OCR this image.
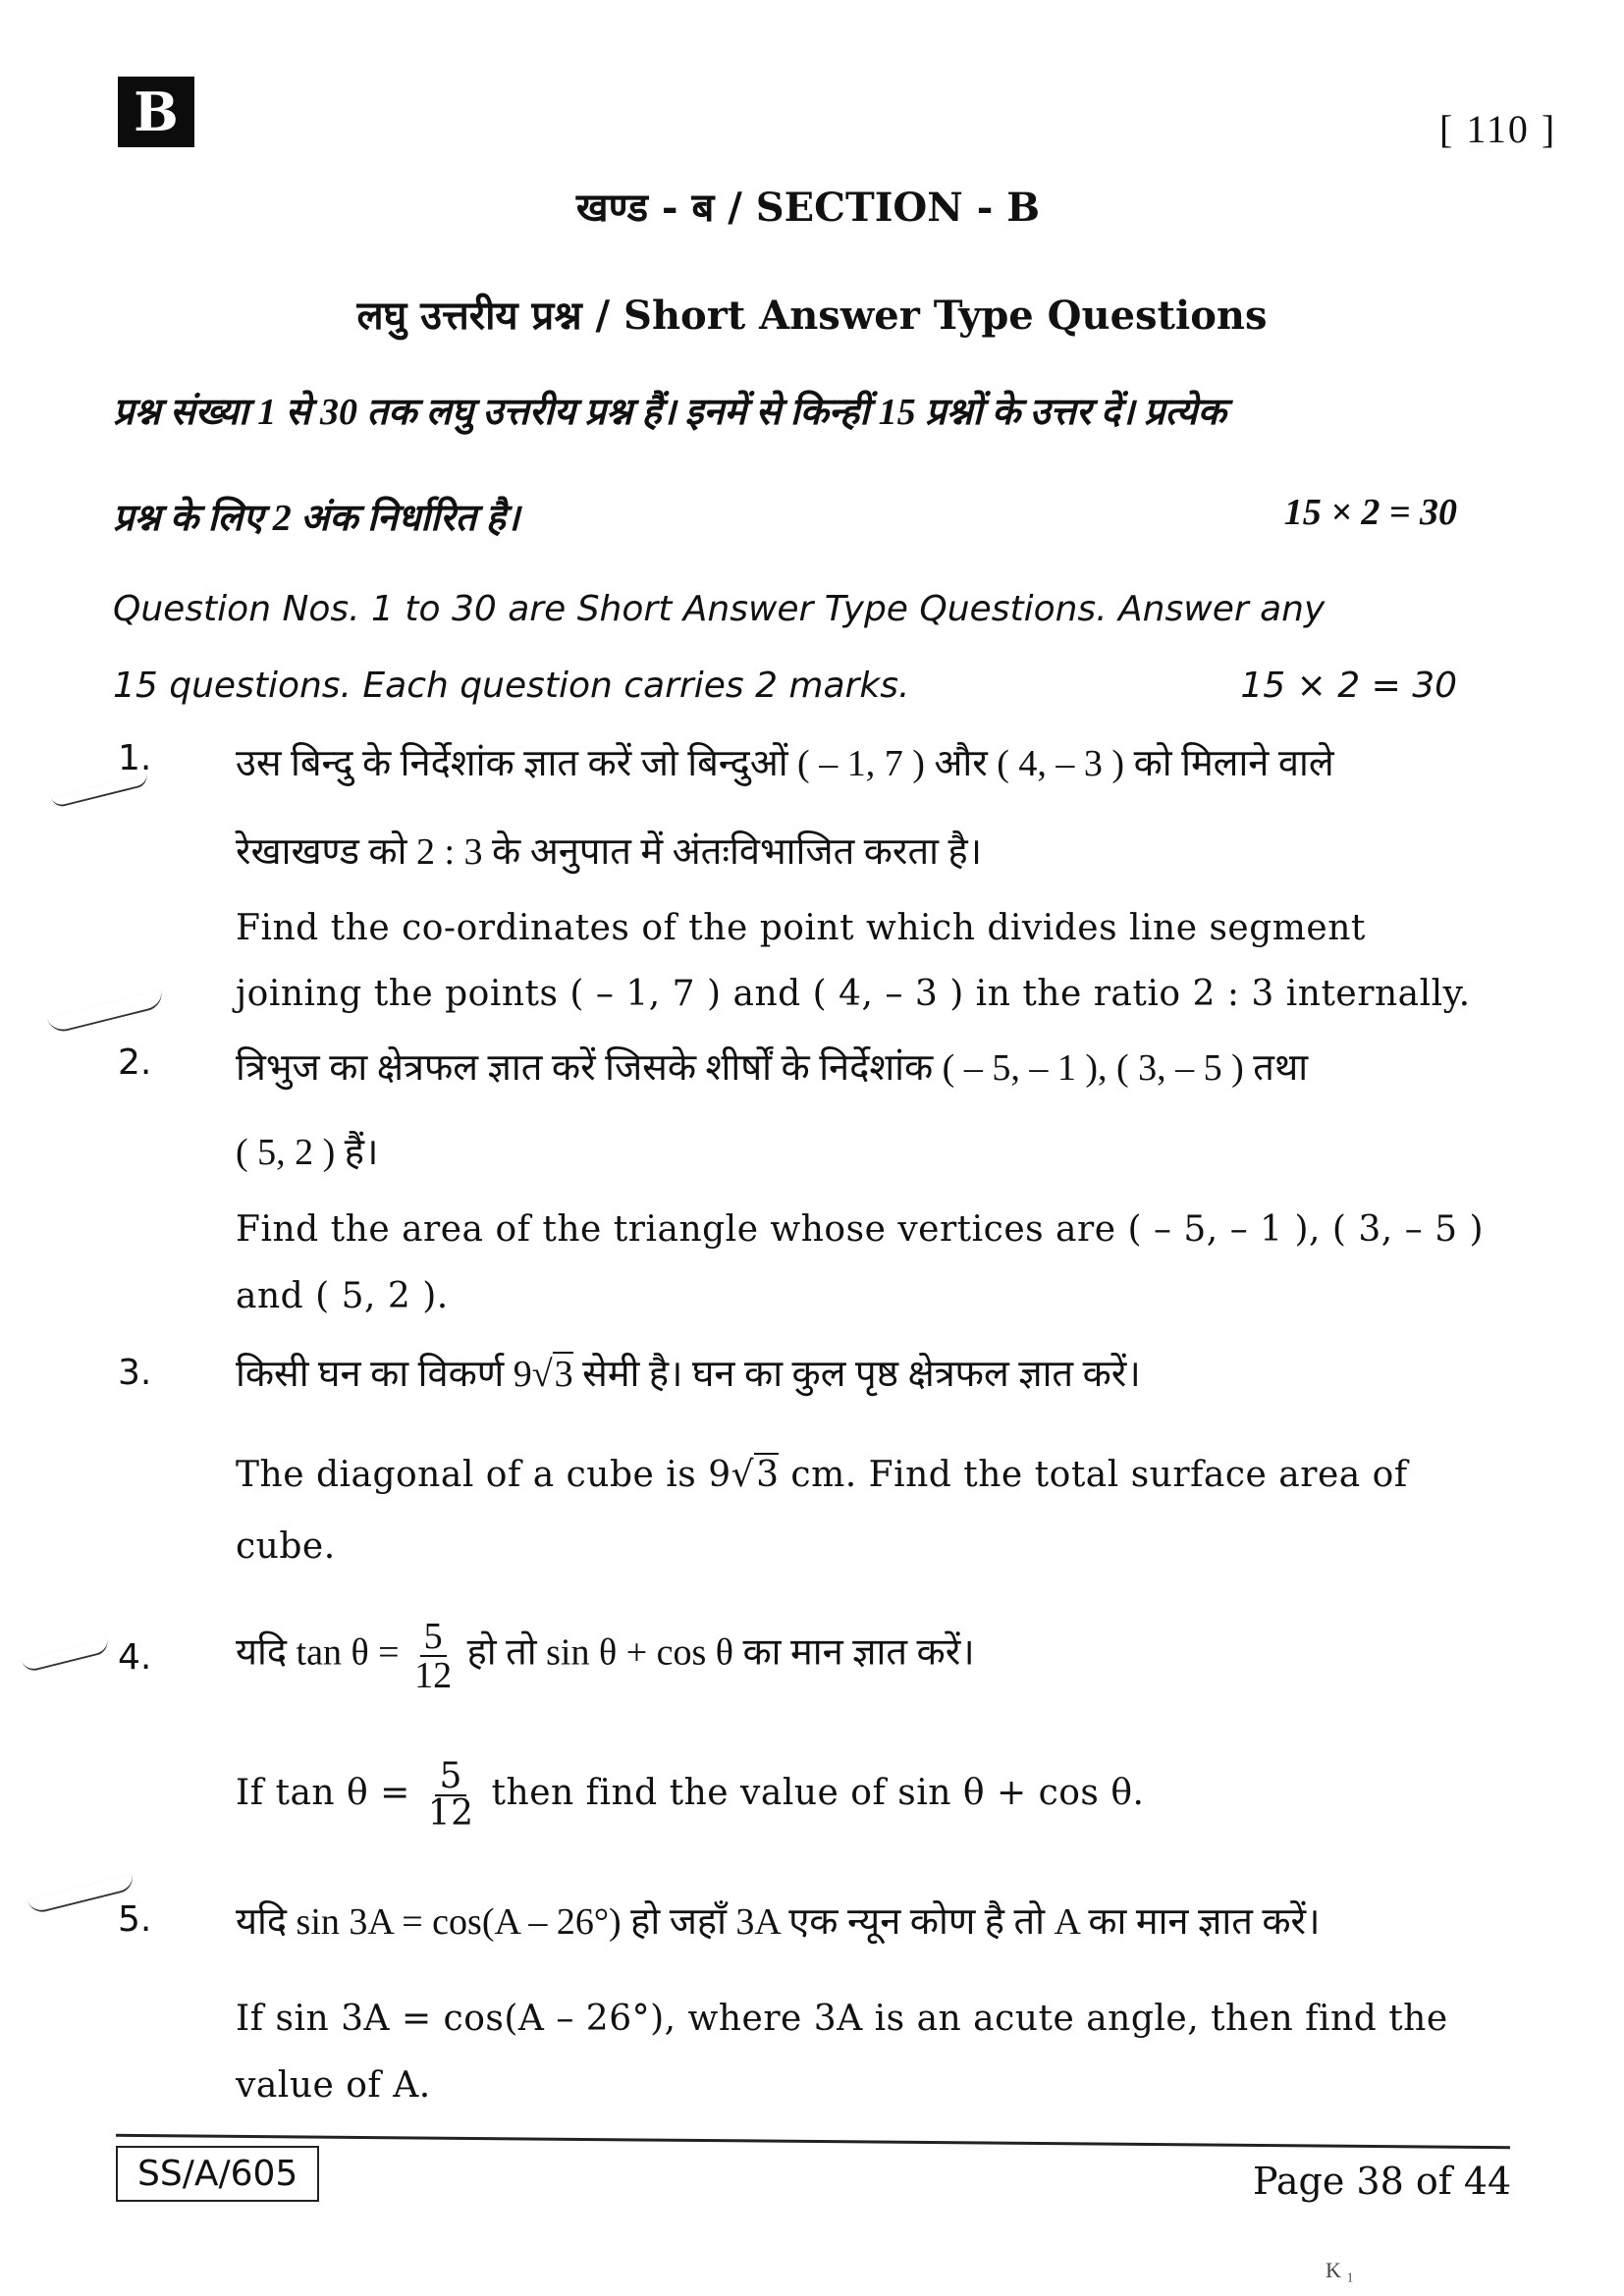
B	[ 110 ]
खण्ड - ब / SECTION - B
लघु उत्तरीय प्रश्न / Short Answer Type Questions
प्रश्न संख्या 1 से 30 तक लघु उत्तरीय प्रश्न हैं। इनमें से किन्हीं 15 प्रश्नों के उत्तर दें। प्रत्येक
प्रश्न के लिए 2 अंक निर्धारित है।	15 × 2 = 30
Question Nos. 1 to 30 are Short Answer Type Questions. Answer any
15 questions. Each question carries 2 marks.	15 × 2 = 30
1. उस बिन्दु के निर्देशांक ज्ञात करें जो बिन्दुओं ( – 1, 7 ) और ( 4, – 3 ) को मिलाने वाले
रेखाखण्ड को 2 : 3 के अनुपात में अंतःविभाजित करता है।
Find the co-ordinates of the point which divides line segment
joining the points ( – 1, 7 ) and ( 4, – 3 ) in the ratio 2 : 3 internally.
2. त्रिभुज का क्षेत्रफल ज्ञात करें जिसके शीर्षों के निर्देशांक ( – 5, – 1 ), ( 3, – 5 ) तथा
( 5, 2 ) हैं।
Find the area of the triangle whose vertices are ( – 5, – 1 ), ( 3, – 5 )
and ( 5, 2 ).
3. किसी घन का विकर्ण 9√3 सेमी है। घन का कुल पृष्ठ क्षेत्रफल ज्ञात करें।
The diagonal of a cube is 9√3 cm. Find the total surface area of
cube.
4. यदि $\tan \theta = \frac{5}{12}$ हो तो sin θ + cos θ का मान ज्ञात करें।
If $\tan \theta = \frac{5}{12}$ then find the value of sin θ + cos θ.
5. यदि sin 3A = cos(A – 26°) हो जहाँ 3A एक न्यून कोण है तो A का मान ज्ञात करें।
If sin 3A = cos(A – 26°), where 3A is an acute angle, then find the
value of A.
SS/A/605	Page 38 of 44
K ₁
